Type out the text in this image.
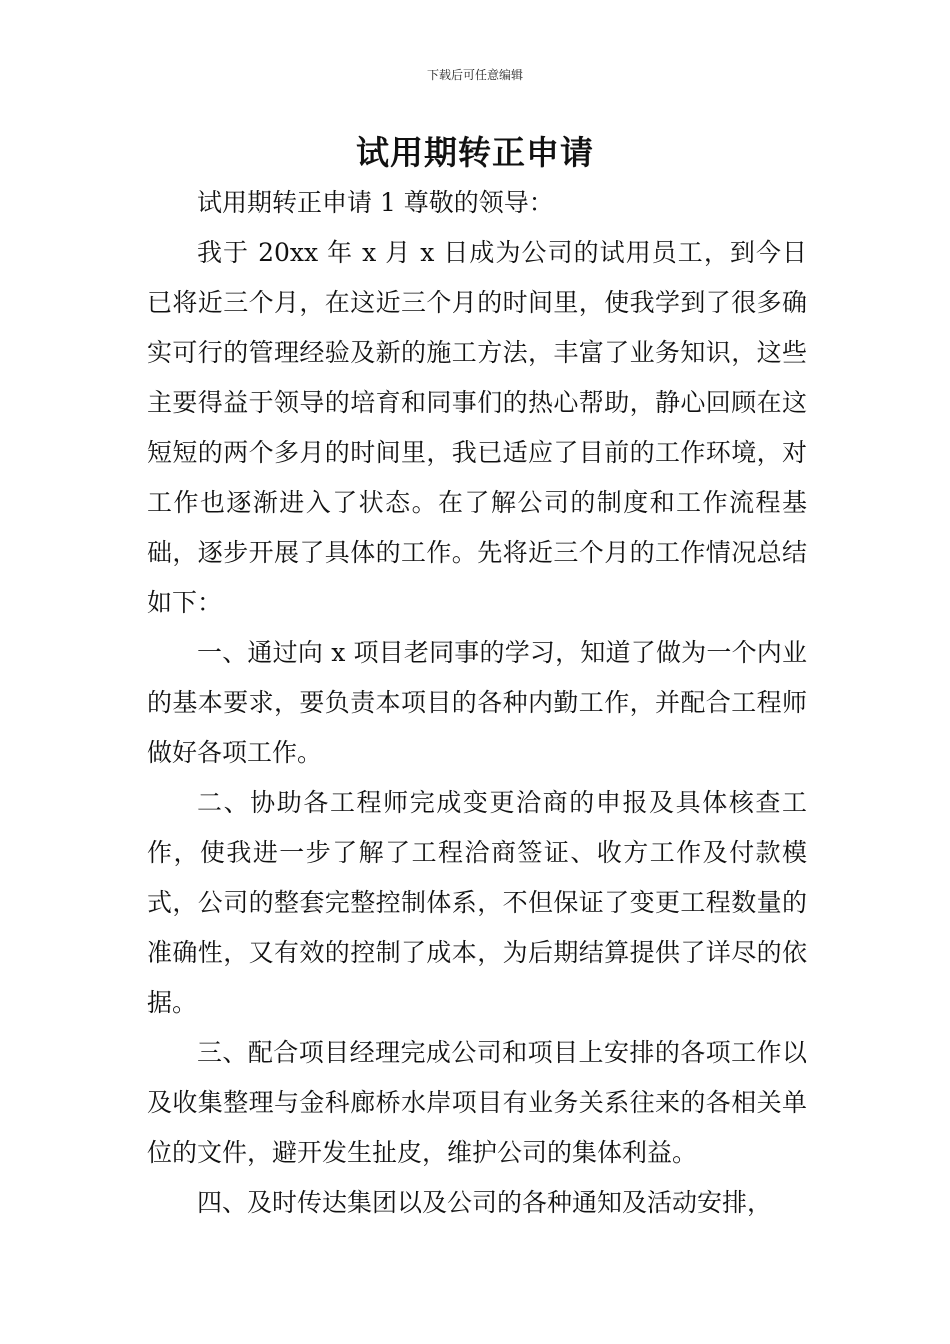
下载后可任意编辑
试用期转正申请

试用期转正申请 1 尊敬的领导：

我于 20xx 年 x 月 x 日成为公司的试用员工，到今日已将近三个月，在这近三个月的时间里，使我学到了很多确实可行的管理经验及新的施工方法，丰富了业务知识，这些主要得益于领导的培育和同事们的热心帮助，静心回顾在这短短的两个多月的时间里，我已适应了目前的工作环境，对工作也逐渐进入了状态。在了解公司的制度和工作流程基础，逐步开展了具体的工作。先将近三个月的工作情况总结如下：

一、通过向 x 项目老同事的学习，知道了做为一个内业的基本要求，要负责本项目的各种内勤工作，并配合工程师做好各项工作。

二、协助各工程师完成变更洽商的申报及具体核查工作，使我进一步了解了工程洽商签证、收方工作及付款模式，公司的整套完整控制体系，不但保证了变更工程数量的准确性，又有效的控制了成本，为后期结算提供了详尽的依据。

三、配合项目经理完成公司和项目上安排的各项工作以及收集整理与金科廊桥水岸项目有业务关系往来的各相关单位的文件，避开发生扯皮，维护公司的集体利益。

四、及时传达集团以及公司的各种通知及活动安排，
